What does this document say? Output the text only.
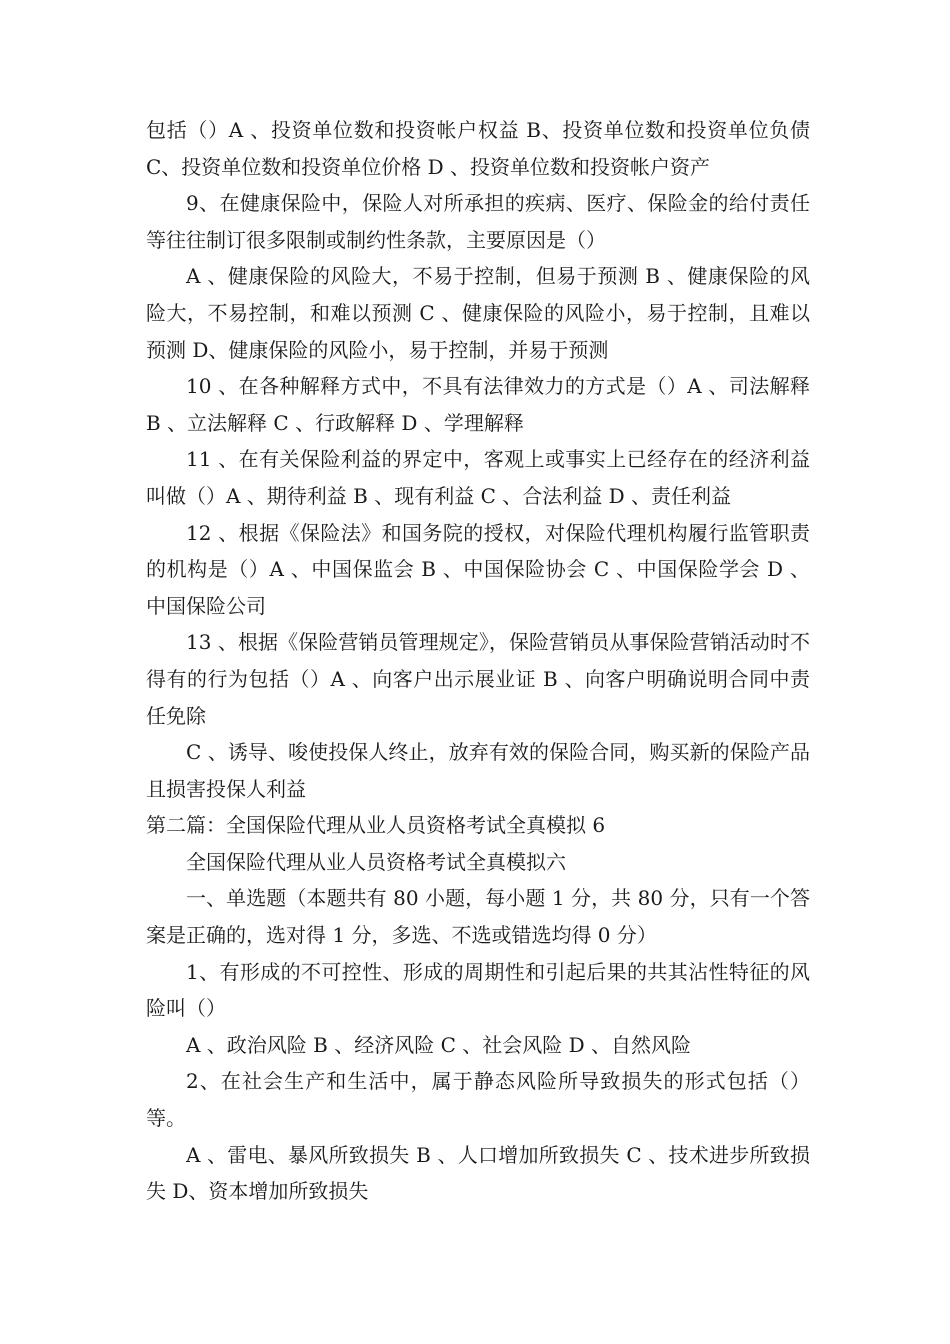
包括（）A 、投资单位数和投资帐户权益 B、投资单位数和投资单位负债 C、投资单位数和投资单位价格 D 、投资单位数和投资帐户资产

9、在健康保险中，保险人对所承担的疾病、医疗、保险金的给付责任等往往制订很多限制或制约性条款，主要原因是（）

A 、健康保险的风险大，不易于控制，但易于预测 B 、健康保险的风险大，不易控制，和难以预测 C 、健康保险的风险小，易于控制，且难以预测 D、健康保险的风险小，易于控制，并易于预测

10 、在各种解释方式中，不具有法律效力的方式是（）A 、司法解释 B 、立法解释 C 、行政解释 D 、学理解释

11 、在有关保险利益的界定中，客观上或事实上已经存在的经济利益叫做（）A 、期待利益 B 、现有利益 C 、合法利益 D 、责任利益

12 、根据《保险法》和国务院的授权，对保险代理机构履行监管职责的机构是（）A 、中国保监会 B 、中国保险协会 C 、中国保险学会 D 、中国保险公司

13 、根据《保险营销员管理规定》，保险营销员从事保险营销活动时不得有的行为包括（）A 、向客户出示展业证 B 、向客户明确说明合同中责任免除

C 、诱导、唆使投保人终止，放弃有效的保险合同，购买新的保险产品且损害投保人利益

第二篇：全国保险代理从业人员资格考试全真模拟 6

全国保险代理从业人员资格考试全真模拟六

一、单选题（本题共有 80 小题，每小题 1 分，共 80 分，只有一个答案是正确的，选对得 1 分，多选、不选或错选均得 0 分）

1、有形成的不可控性、形成的周期性和引起后果的共其沾性特征的风险叫（）

A 、政治风险 B 、经济风险 C 、社会风险 D 、自然风险

2、在社会生产和生活中，属于静态风险所导致损失的形式包括（）等。

A 、雷电、暴风所致损失 B 、人口增加所致损失 C 、技术进步所致损失 D、资本增加所致损失
